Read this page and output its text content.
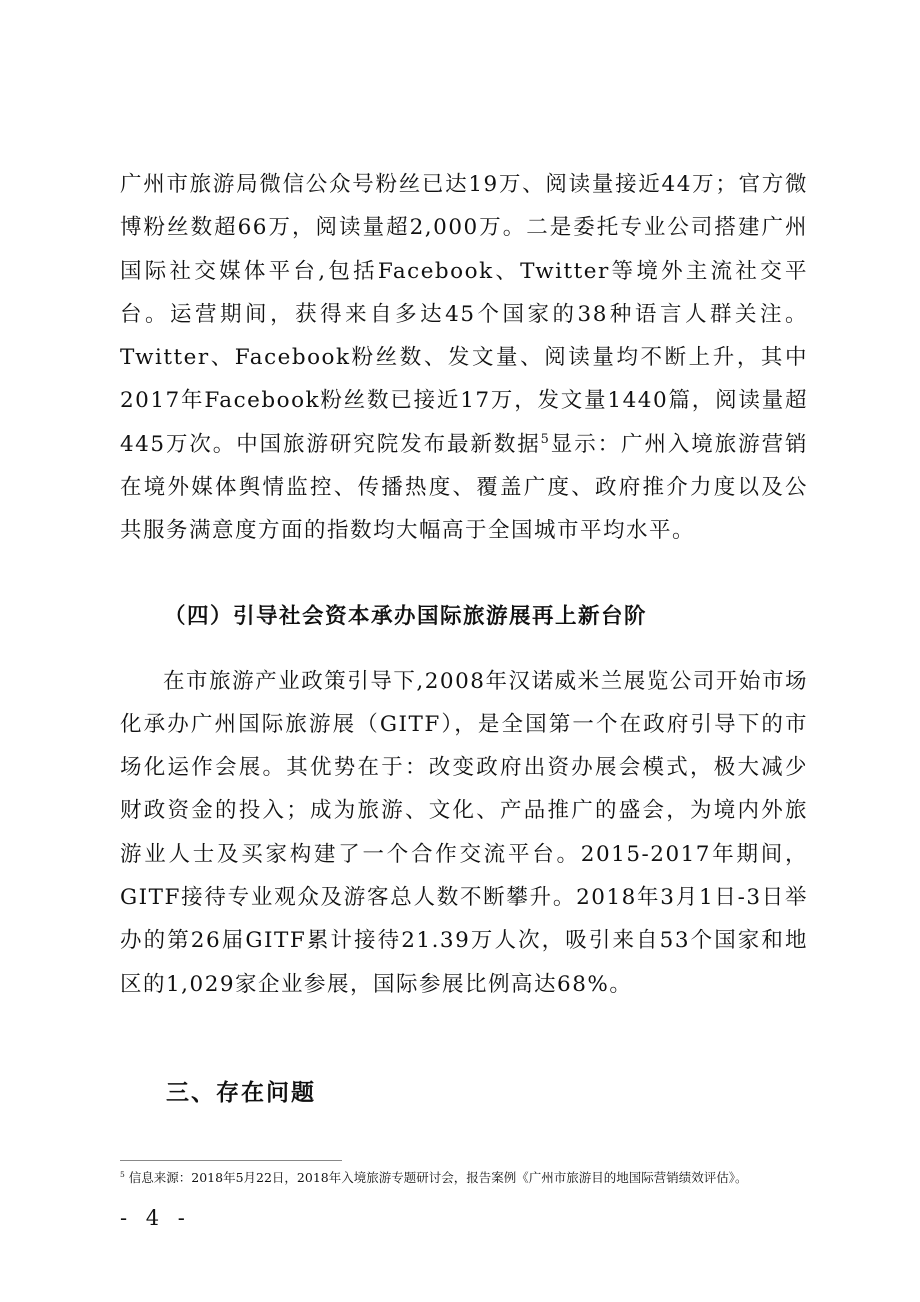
广州市旅游局微信公众号粉丝已达19万、阅读量接近44万；官方微博粉丝数超66万，阅读量超2,000万。二是委托专业公司搭建广州国际社交媒体平台,包括Facebook、Twitter等境外主流社交平台。运营期间，获得来自多达45个国家的38种语言人群关注。Twitter、Facebook粉丝数、发文量、阅读量均不断上升，其中2017年Facebook粉丝数已接近17万，发文量1440篇，阅读量超445万次。中国旅游研究院发布最新数据$^5$显示：广州入境旅游营销在境外媒体舆情监控、传播热度、覆盖广度、政府推介力度以及公共服务满意度方面的指数均大幅高于全国城市平均水平。

（四）引导社会资本承办国际旅游展再上新台阶

在市旅游产业政策引导下,2008年汉诺威米兰展览公司开始市场化承办广州国际旅游展（GITF），是全国第一个在政府引导下的市场化运作会展。其优势在于：改变政府出资办展会模式，极大减少财政资金的投入；成为旅游、文化、产品推广的盛会，为境内外旅游业人士及买家构建了一个合作交流平台。2015-2017年期间，GITF接待专业观众及游客总人数不断攀升。2018年3月1日-3日举办的第26届GITF累计接待21.39万人次，吸引来自53个国家和地区的1,029家企业参展，国际参展比例高达68%。

三、存在问题

$^5$ 信息来源：2018年5月22日，2018年入境旅游专题研讨会，报告案例《广州市旅游目的地国际营销绩效评估》。

- 4 -
